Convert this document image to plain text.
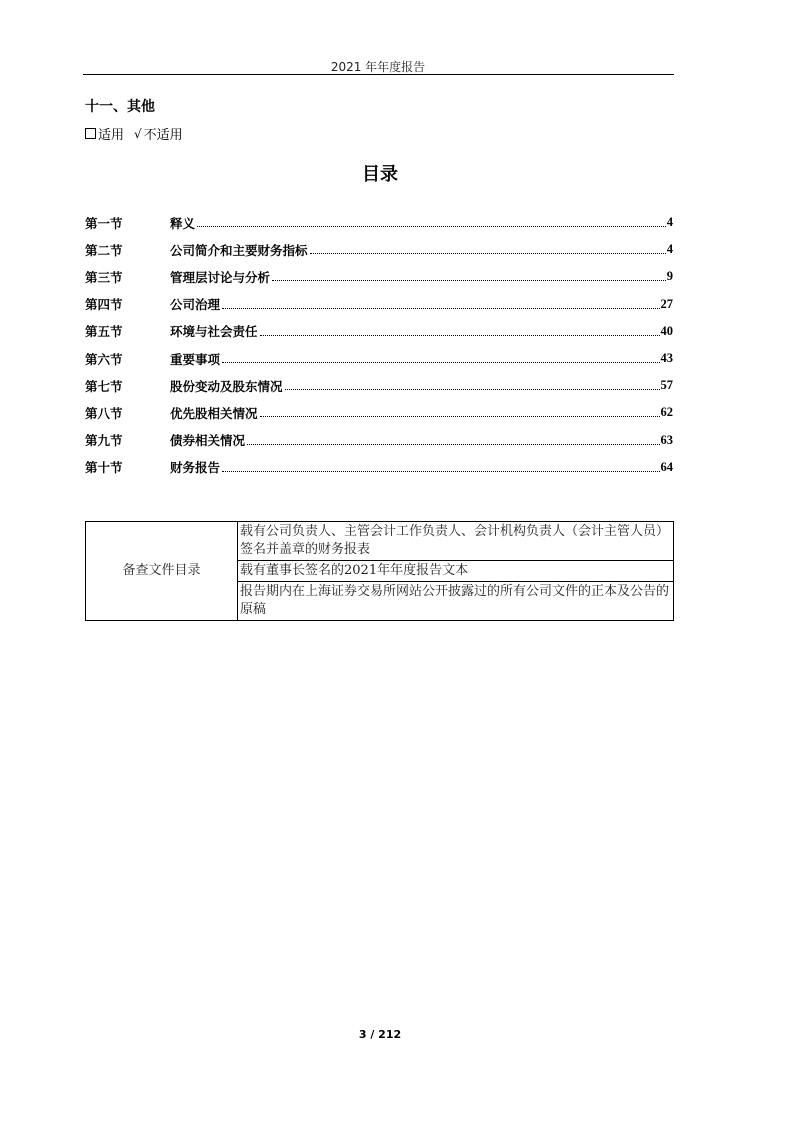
2021 年年度报告
十一、其他
适用 √ 不适用
目录
第一节	释义	4
第二节	公司简介和主要财务指标	4
第三节	管理层讨论与分析	9
第四节	公司治理	27
第五节	环境与社会责任	40
第六节	重要事项	43
第七节	股份变动及股东情况	57
第八节	优先股相关情况	62
第九节	债券相关情况	63
第十节	财务报告	64
备查文件目录	载有公司负责人、主管会计工作负责人、会计机构负责人（会计主管人员）签名并盖章的财务报表
载有董事长签名的2021年年度报告文本
报告期内在上海证券交易所网站公开披露过的所有公司文件的正本及公告的原稿
3 / 212
